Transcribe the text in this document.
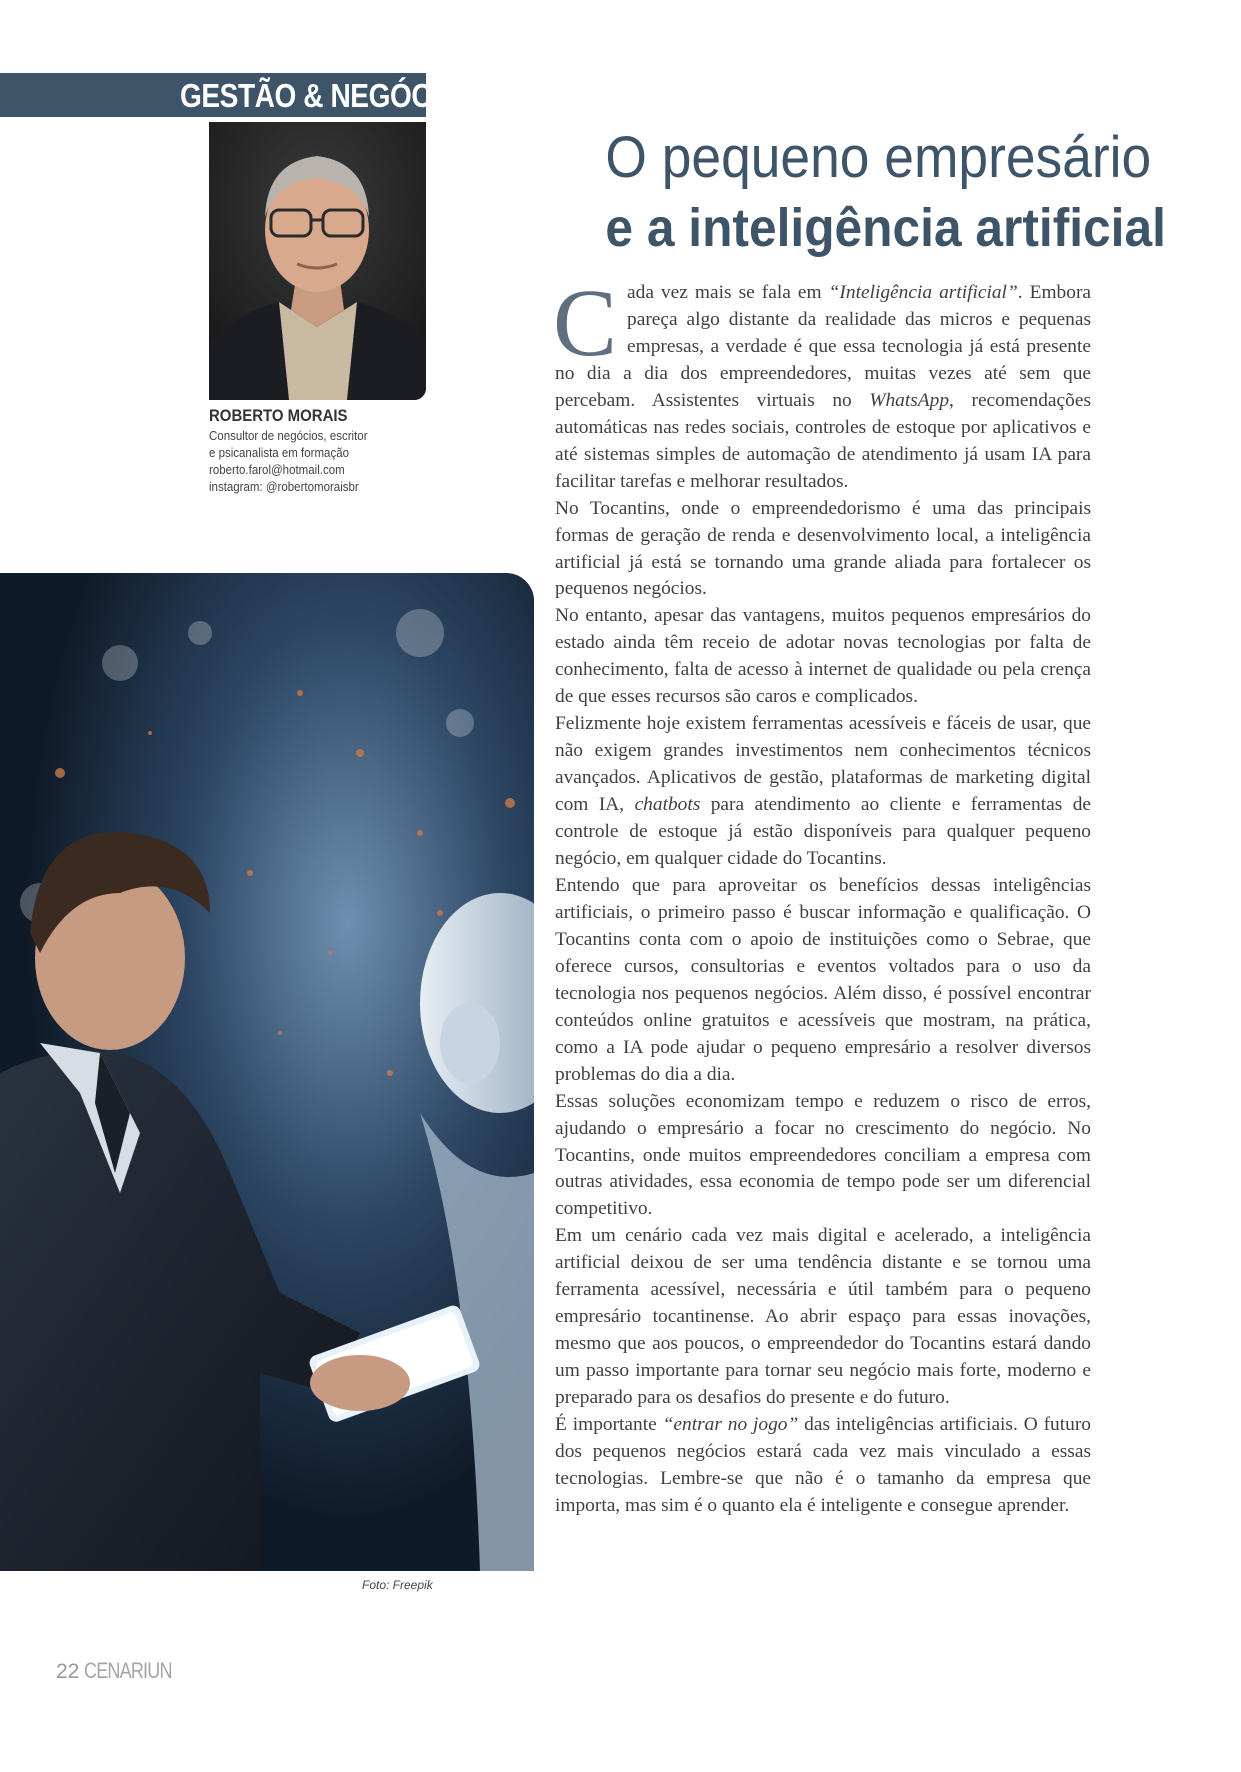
GESTÃO & NEGÓCIOS
ROBERTO MORAIS
Consultor de negócios, escritor
e psicanalista em formação
roberto.farol@hotmail.com
instagram: @robertomoraisbr
O pequeno empresário
e a inteligência artificial

Cada vez mais se fala em “Inteligência artificial”. Embora pareça algo distante da realidade das micros e pequenas empresas, a verdade é que essa tecnologia já está presente no dia a dia dos empreendedores, muitas vezes até sem que percebam. Assistentes virtuais no WhatsApp, recomendações automáticas nas redes sociais, controles de estoque por aplicativos e até sistemas simples de automação de atendimento já usam IA para facilitar tarefas e melhorar resultados.

No Tocantins, onde o empreendedorismo é uma das principais formas de geração de renda e desenvolvimento local, a inteligência artificial já está se tornando uma grande aliada para fortalecer os pequenos negócios.

No entanto, apesar das vantagens, muitos pequenos empresários do estado ainda têm receio de adotar novas tecnologias por falta de conhecimento, falta de acesso à internet de qualidade ou pela crença de que esses recursos são caros e complicados.

Felizmente hoje existem ferramentas acessíveis e fáceis de usar, que não exigem grandes investimentos nem conhecimentos técnicos avançados. Aplicativos de gestão, plataformas de marketing digital com IA, chatbots para atendimento ao cliente e ferramentas de controle de estoque já estão disponíveis para qualquer pequeno negócio, em qualquer cidade do Tocantins.

Entendo que para aproveitar os benefícios dessas inteligências artificiais, o primeiro passo é buscar informação e qualificação. O Tocantins conta com o apoio de instituições como o Sebrae, que oferece cursos, consultorias e eventos voltados para o uso da tecnologia nos pequenos negócios. Além disso, é possível encontrar conteúdos online gratuitos e acessíveis que mostram, na prática, como a IA pode ajudar o pequeno empresário a resolver diversos problemas do dia a dia.

Essas soluções economizam tempo e reduzem o risco de erros, ajudando o empresário a focar no crescimento do negócio. No Tocantins, onde muitos empreendedores conciliam a empresa com outras atividades, essa economia de tempo pode ser um diferencial competitivo.

Em um cenário cada vez mais digital e acelerado, a inteligência artificial deixou de ser uma tendência distante e se tornou uma ferramenta acessível, necessária e útil também para o pequeno empresário tocantinense. Ao abrir espaço para essas inovações, mesmo que aos poucos, o empreendedor do Tocantins estará dando um passo importante para tornar seu negócio mais forte, moderno e preparado para os desafios do presente e do futuro.

É importante “entrar no jogo” das inteligências artificiais. O futuro dos pequenos negócios estará cada vez mais vinculado a essas tecnologias. Lembre-se que não é o tamanho da empresa que importa, mas sim é o quanto ela é inteligente e consegue aprender.

Foto: Freepik
22 CENARIUN
